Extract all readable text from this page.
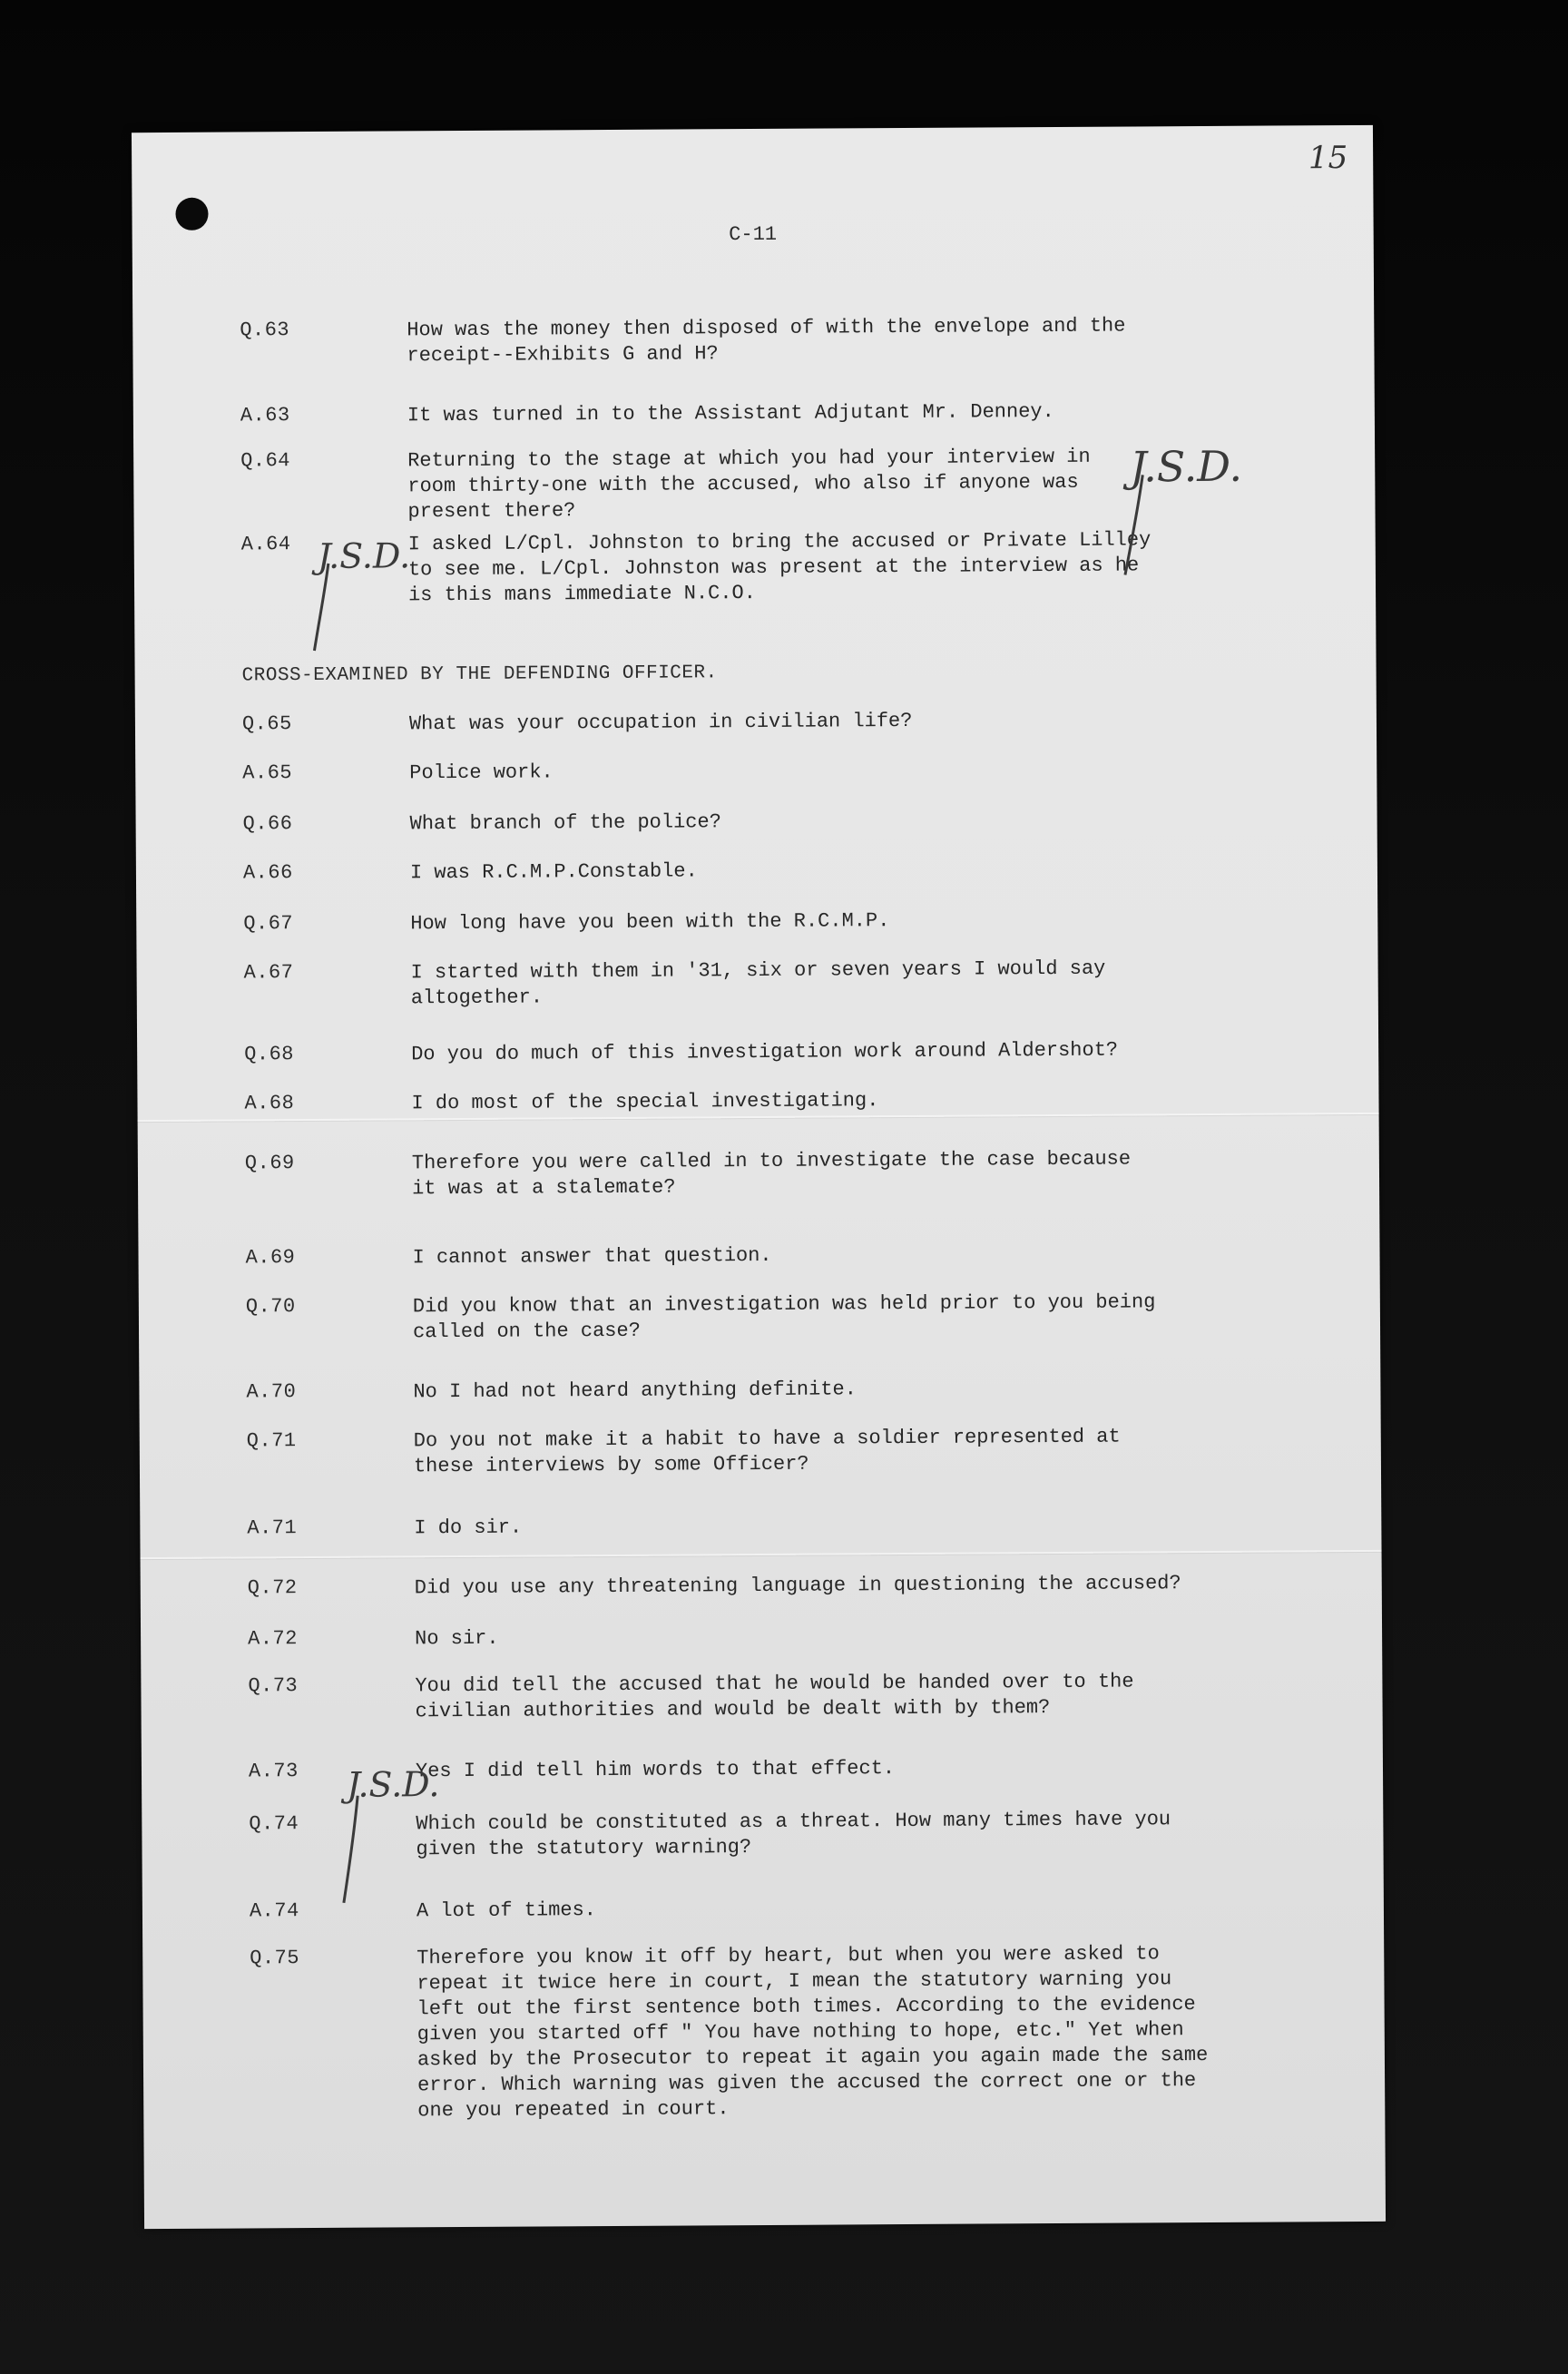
15
C-11
CROSS-EXAMINED BY THE DEFENDING OFFICER.
Q.63	How was the money then disposed of with the envelope and the
receipt--Exhibits G and H?
A.63	It was turned in to the Assistant Adjutant Mr. Denney.
Q.64	Returning to the stage at which you had your interview in
room thirty-one with the accused, who also if anyone was
present there?
A.64	I asked L/Cpl. Johnston to bring the accused or Private Lilley
to see me. L/Cpl. Johnston was present at the interview as he
is this mans immediate N.C.O.
Q.65	What was your occupation in civilian life?
A.65	Police work.
Q.66	What branch of the police?
A.66	I was R.C.M.P.Constable.
Q.67	How long have you been with the R.C.M.P.
A.67	I started with them in '31, six or seven years I would say
altogether.
Q.68	Do you do much of this investigation work around Aldershot?
A.68	I do most of the special investigating.
Q.69	Therefore you were called in to investigate the case because
it was at a stalemate?
A.69	I cannot answer that question.
Q.70	Did you know that an investigation was held prior to you being
called on the case?
A.70	No I had not heard anything definite.
Q.71	Do you not make it a habit to have a soldier represented at
these interviews by some Officer?
A.71	I do sir.
Q.72	Did you use any threatening language in questioning the accused?
A.72	No sir.
Q.73	You did tell the accused that he would be handed over to the
civilian authorities and would be dealt with by them?
A.73	Yes I did tell him words to that effect.
Q.74	Which could be constituted as a threat. How many times have you
given the statutory warning?
A.74	A lot of times.
Q.75	Therefore you know it off by heart, but when you were asked to
repeat it twice here in court, I mean the statutory warning you
left out the first sentence both times. According to the evidence
given you started off " You have nothing to hope, etc." Yet when
asked by the Prosecutor to repeat it again you again made the same
error. Which warning was given the accused the correct one or the
one you repeated in court.
J.S.D.
J.S.D.
J.S.D.
